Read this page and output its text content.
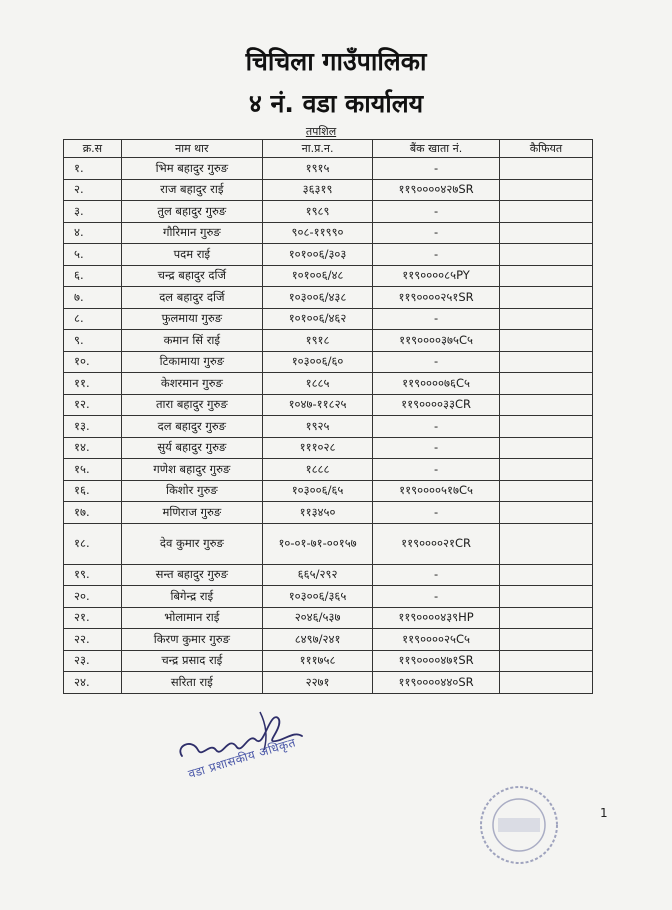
चिचिला गाउँपालिका
४ नं. वडा कार्यालय
तपशिल
क्र.स	नाम थार	ना.प्र.न.	बैंक खाता नं.	कैफियत
१.	भिम बहादुर गुरुङ	१९१५	-	
२.	राज बहादुर राई	३६३१९	११९००००४२७SR	
३.	तुल बहादुर गुरुङ	१९८९	-	
४.	गौरिमान गुरुङ	९०८-११९९०	-	
५.	पदम राई	१०१००६/३०३	-	
६.	चन्द्र बहादुर दर्जि	१०१००६/४८	११९००००८५PY	
७.	दल बहादुर दर्जि	१०३००६/४३८	११९००००२५१SR	
८.	फुलमाया गुरुङ	१०१००६/४६२	-	
९.	कमान सिं राई	१९१८	११९००००३७५C५	
१०.	टिकामाया गुरुङ	१०३००६/६०	-	
११.	केशरमान गुरुङ	१८८५	११९००००७६C५	
१२.	तारा बहादुर गुरुङ	१०४७-११८२५	११९००००३३CR	
१३.	दल बहादुर गुरुङ	१९२५	-	
१४.	सुर्य बहादुर गुरुङ	१११०२८	-	
१५.	गणेश बहादुर गुरुङ	१८८८	-	
१६.	किशोर गुरुङ	१०३००६/६५	११९००००५१७C५	
१७.	मणिराज गुरुङ	११३४५०	-	
१८.	देव कुमार गुरुङ	१०-०१-७१-००१५७	११९००००२१CR	
१९.	सन्त बहादुर गुरुङ	६६५/२९२	-	
२०.	बिगेन्द्र राई	१०३००६/३६५	-	
२१.	भोलामान राई	२०४६/५३७	११९००००४३९HP	
२२.	किरण कुमार गुरुङ	८४९७/२४१	११९००००२५C५	
२३.	चन्द्र प्रसाद राई	१११७५८	११९००००४७१SR	
२४.	सरिता राई	२२७१	११९००००४४०SR	
वडा प्रशासकीय अधिकृत
1
